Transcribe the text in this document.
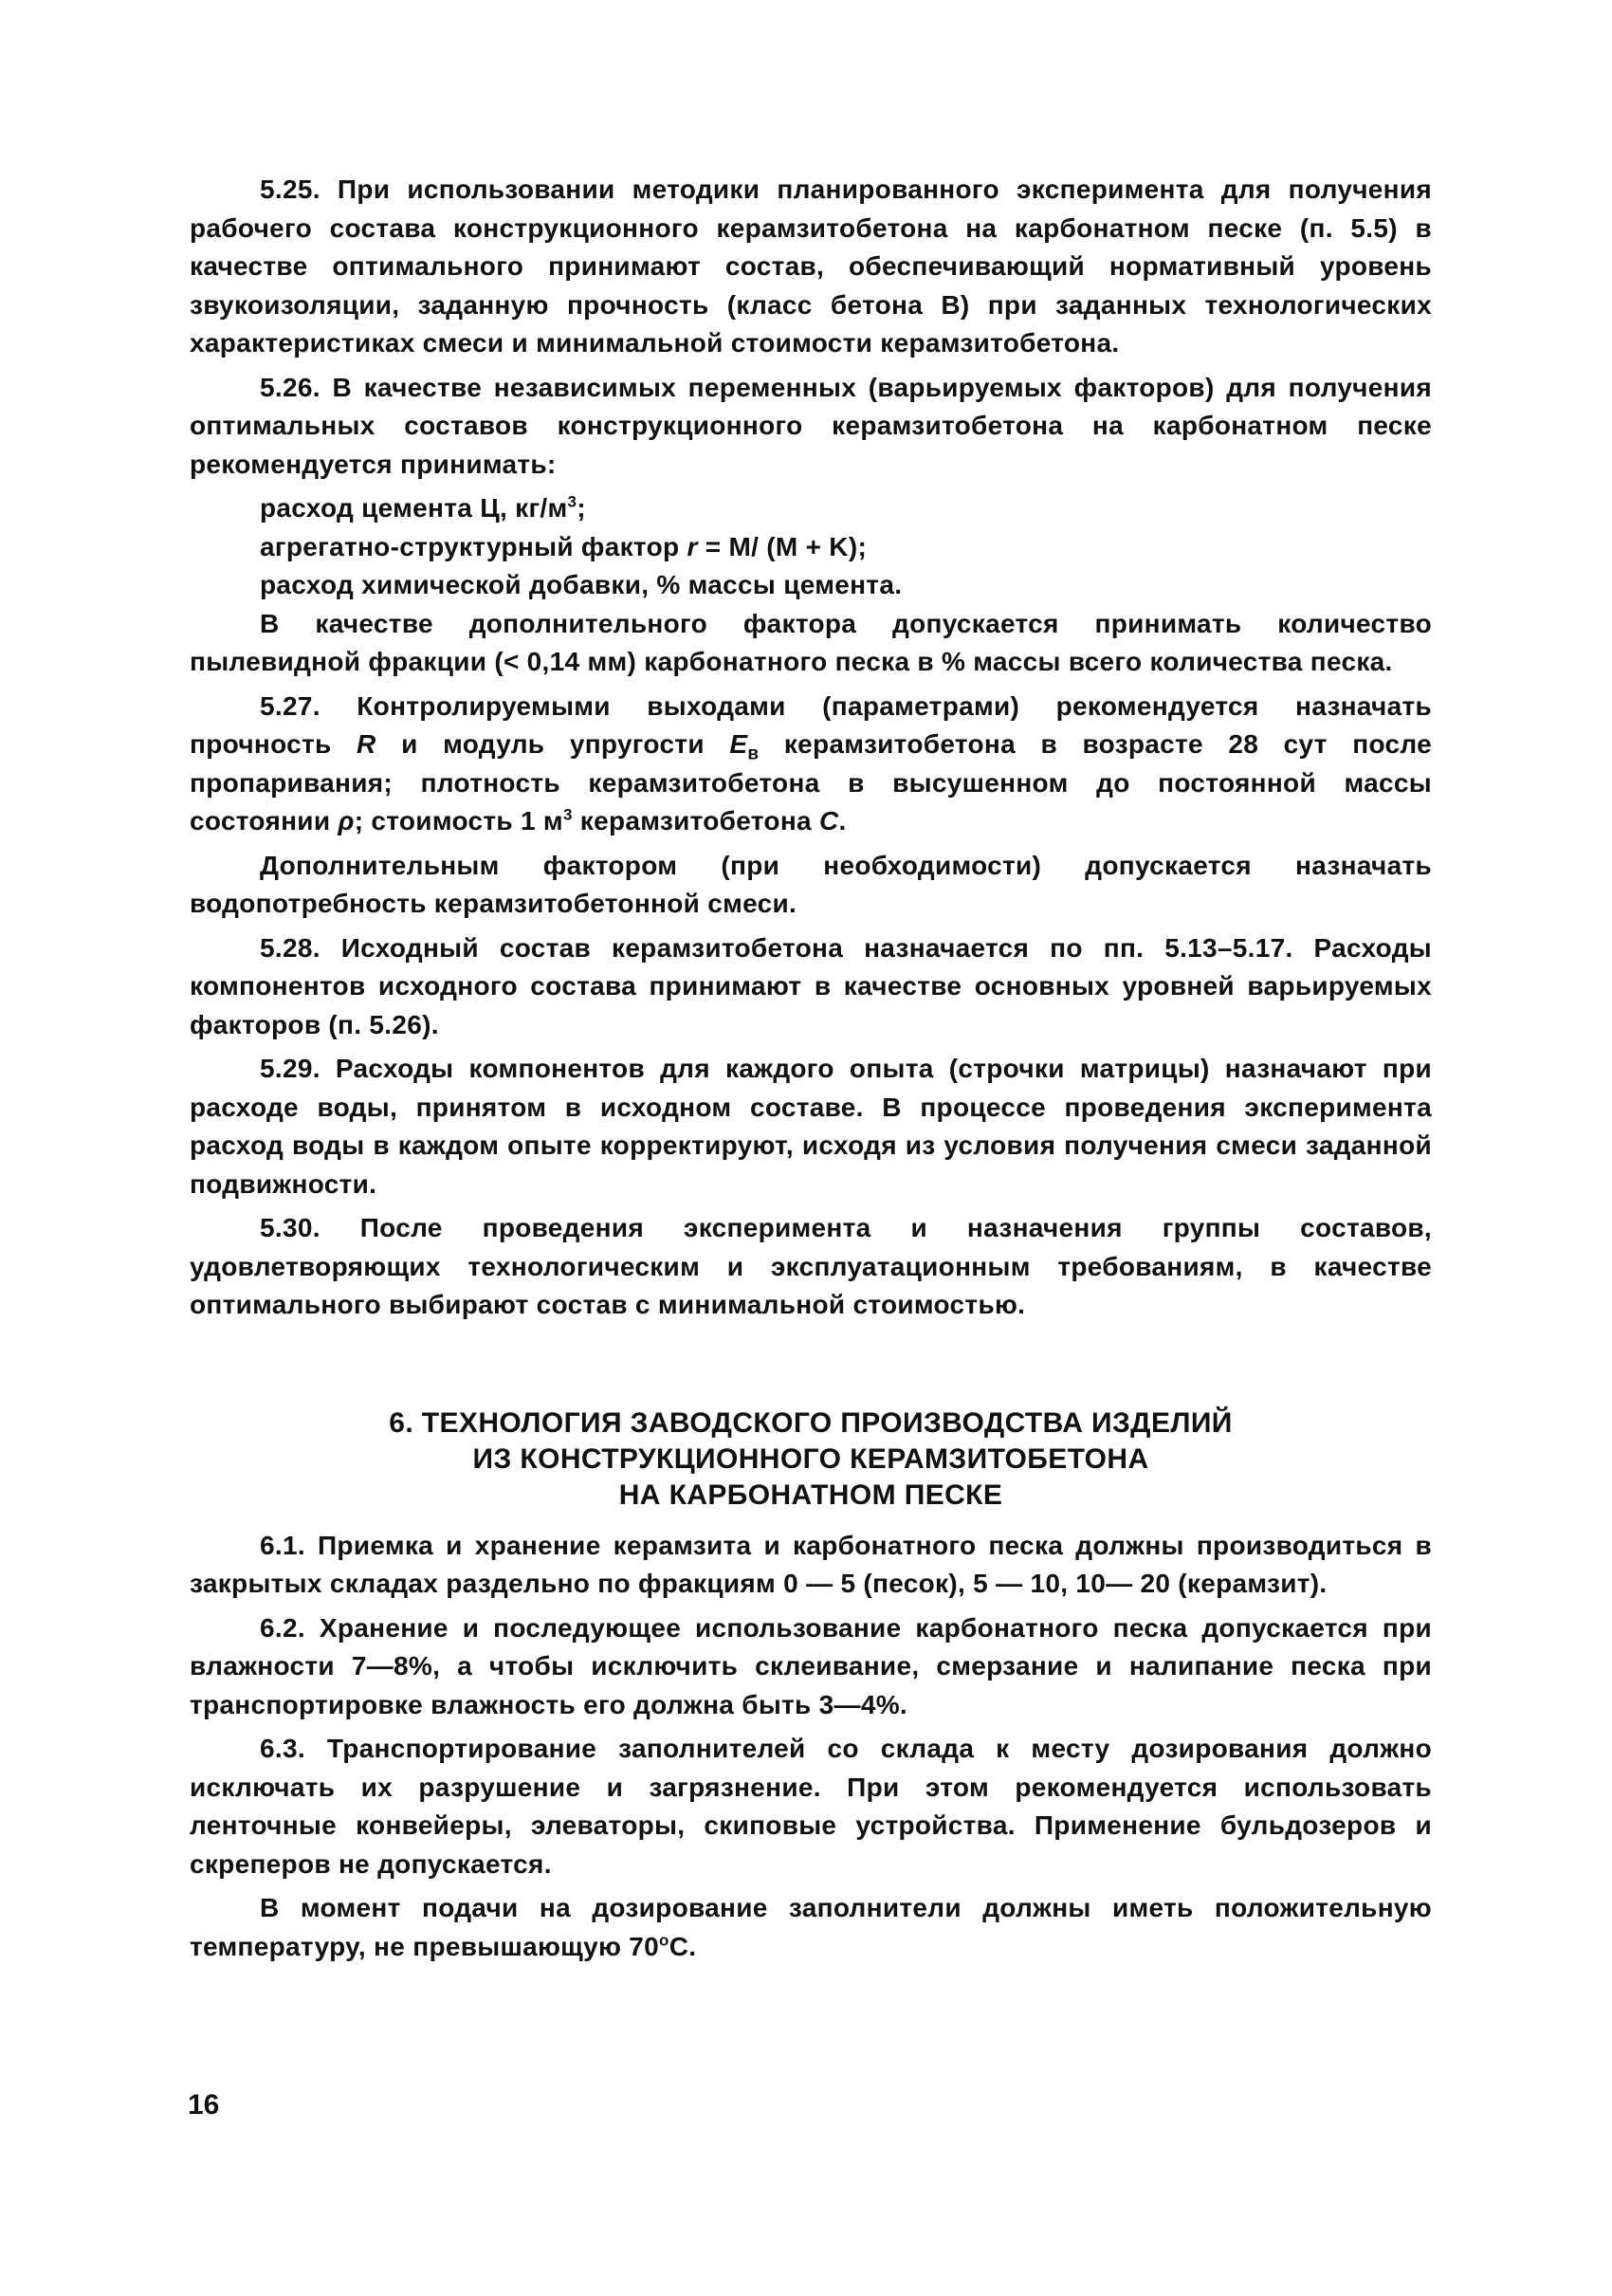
5.25. При использовании методики планированного эксперимента для получения рабочего состава конструкционного керамзитобетона на карбонатном песке (п. 5.5) в качестве оптимального принимают состав, обеспечивающий нормативный уровень звукоизоляции, заданную прочность (класс бетона В) при заданных технологических характеристиках смеси и минимальной стоимости керамзитобетона.

5.26. В качестве независимых переменных (варьируемых факторов) для получения оптимальных составов конструкционного керамзитобетона на карбонатном песке рекомендуется принимать:

расход цемента Ц, $кг/м^3$;

агрегатно-структурный фактор r = M/ (M + K);

расход химической добавки, % массы цемента.

В качестве дополнительного фактора допускается принимать количество пылевидной фракции (< 0,14 мм) карбонатного песка в % массы всего количества песка.

5.27. Контролируемыми выходами (параметрами) рекомендуется назначать прочность R и модуль упругости $E_в$ керамзитобетона в возрасте 28 сут после пропаривания; плотность керамзитобетона в высушенном до постоянной массы состоянии ρ; стоимость 1 $м^3$ керамзитобетона C.

Дополнительным фактором (при необходимости) допускается назначать водопотребность керамзитобетонной смеси.

5.28. Исходный состав керамзитобетона назначается по пп. 5.13–5.17. Расходы компонентов исходного состава принимают в качестве основных уровней варьируемых факторов (п. 5.26).

5.29. Расходы компонентов для каждого опыта (строчки матрицы) назначают при расходе воды, принятом в исходном составе. В процессе проведения эксперимента расход воды в каждом опыте корректируют, исходя из условия получения смеси заданной подвижности.

5.30. После проведения эксперимента и назначения группы составов, удовлетворяющих технологическим и эксплуатационным требованиям, в качестве оптимального выбирают состав с минимальной стоимостью.

6. ТЕХНОЛОГИЯ ЗАВОДСКОГО ПРОИЗВОДСТВА ИЗДЕЛИЙ
ИЗ КОНСТРУКЦИОННОГО КЕРАМЗИТОБЕТОНА
НА КАРБОНАТНОМ ПЕСКЕ

6.1. Приемка и хранение керамзита и карбонатного песка должны производиться в закрытых складах раздельно по фракциям 0 — 5 (песок), 5 — 10, 10— 20 (керамзит).

6.2. Хранение и последующее использование карбонатного песка допускается при влажности 7—8%, а чтобы исключить склеивание, смерзание и налипание песка при транспортировке влажность его должна быть 3—4%.

6.3. Транспортирование заполнителей со склада к месту дозирования должно исключать их разрушение и загрязнение. При этом рекомендуется использовать ленточные конвейеры, элеваторы, скиповые устройства. Применение бульдозеров и скреперов не допускается.

В момент подачи на дозирование заполнители должны иметь положительную температуру, не превышающую $70^оС$.

16
